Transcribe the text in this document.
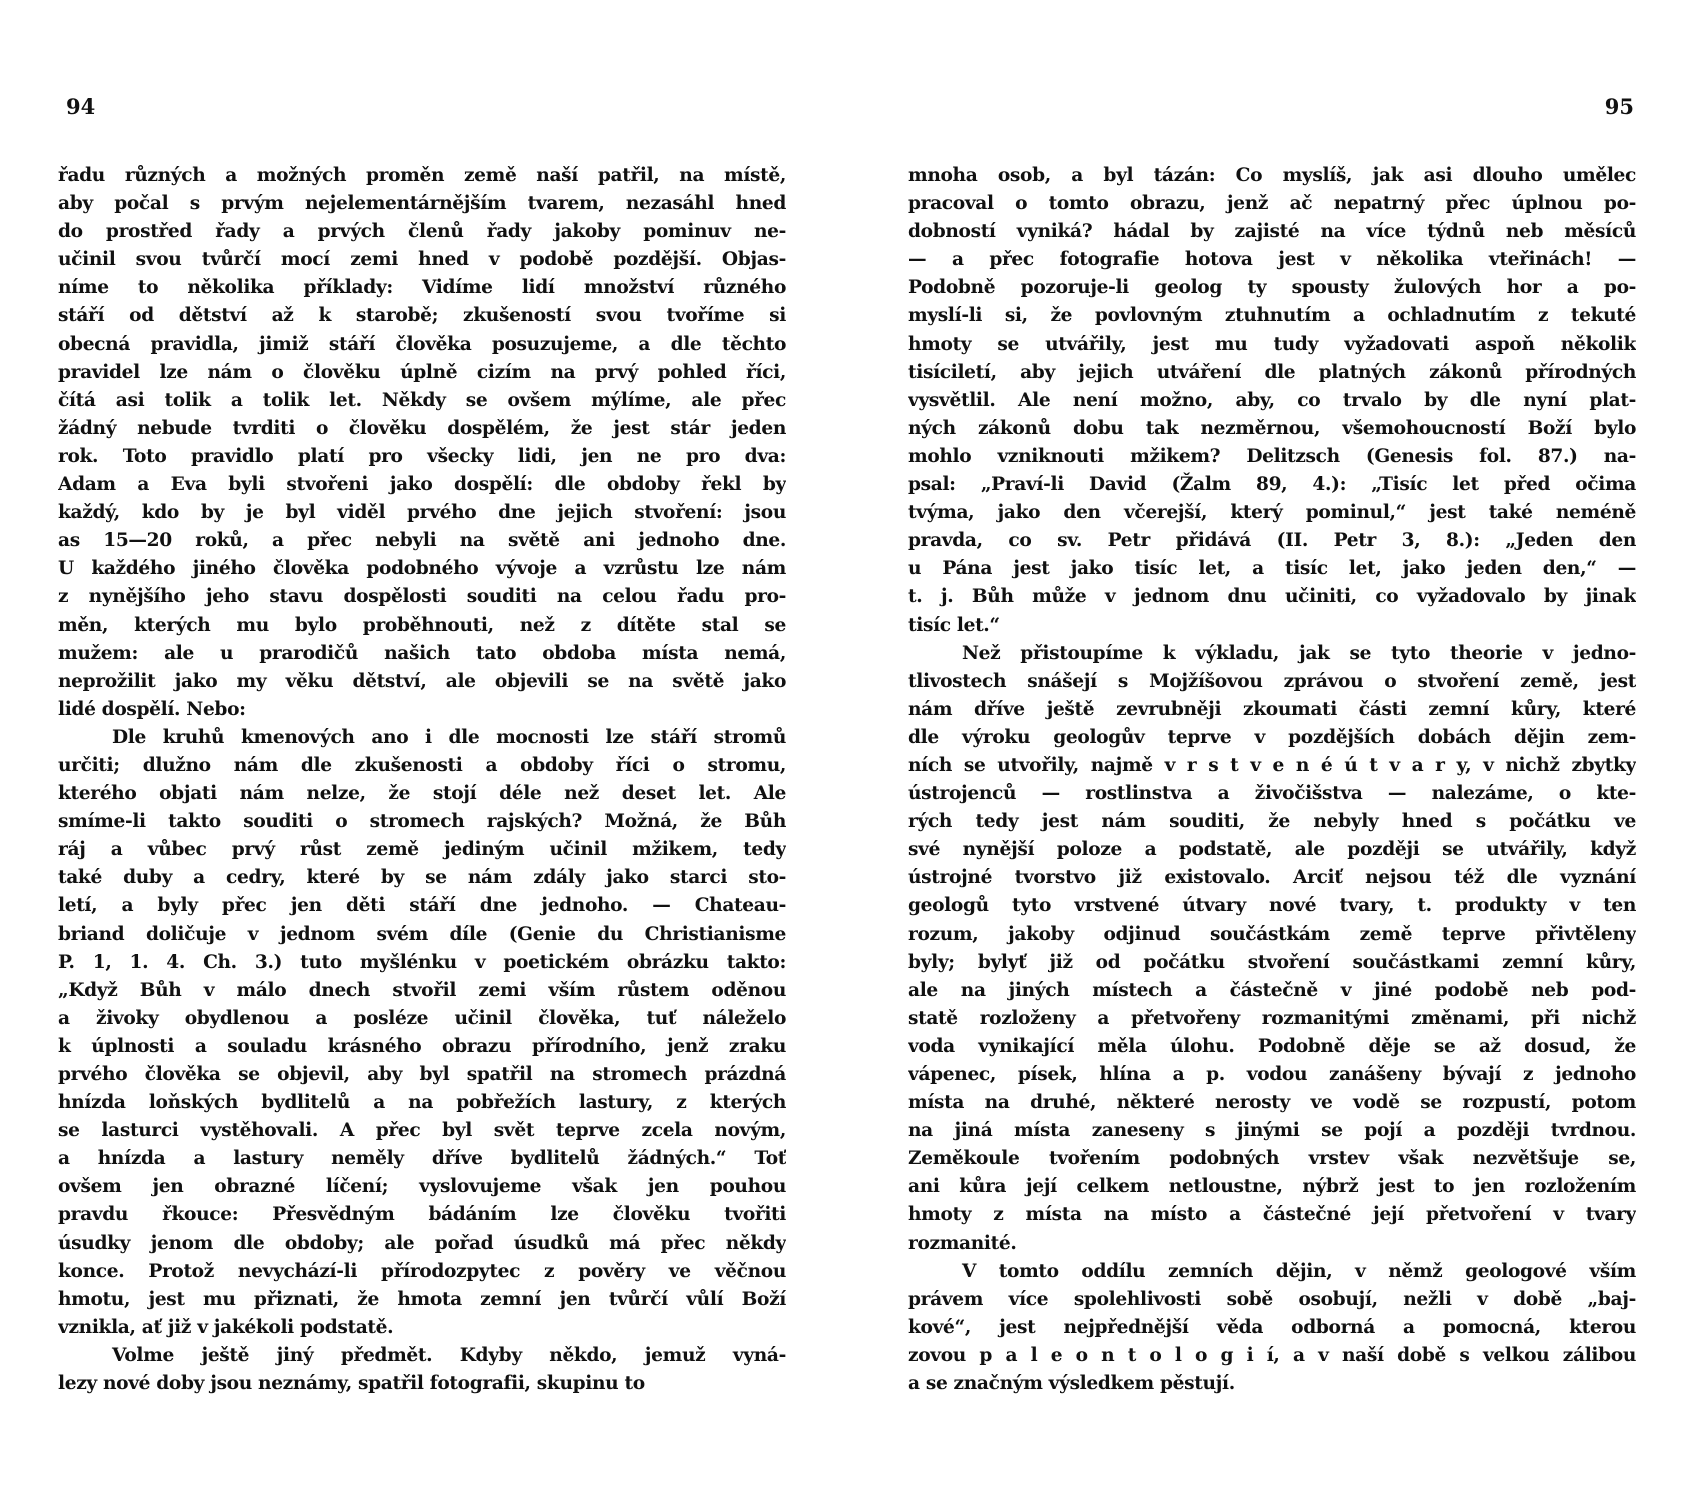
94
řadu různých a možných proměn země naší patřil, na místě,
aby počal s prvým nejelementárnějším tvarem, nezasáhl hned
do prostřed řady a prvých členů řady jakoby pominuv ne-
učinil svou tvůrčí mocí zemi hned v podobě pozdější. Objas-
níme to několika příklady: Vidíme lidí množství různého
stáří od dětství až k starobě; zkušeností svou tvoříme si
obecná pravidla, jimiž stáří člověka posuzujeme, a dle těchto
pravidel lze nám o člověku úplně cizím na prvý pohled říci,
čítá asi tolik a tolik let. Někdy se ovšem mýlíme, ale přec
žádný nebude tvrditi o člověku dospělém, že jest stár jeden
rok. Toto pravidlo platí pro všecky lidi, jen ne pro dva:
Adam a Eva byli stvořeni jako dospělí: dle obdoby řekl by
každý, kdo by je byl viděl prvého dne jejich stvoření: jsou
as 15—20 roků, a přec nebyli na světě ani jednoho dne.
U každého jiného člověka podobného vývoje a vzrůstu lze nám
z nynějšího jeho stavu dospělosti souditi na celou řadu pro-
měn, kterých mu bylo proběhnouti, než z dítěte stal se
mužem: ale u prarodičů našich tato obdoba místa nemá,
neprožilit jako my věku dětství, ale objevili se na světě jako
lidé dospělí. Nebo:
Dle kruhů kmenových ano i dle mocnosti lze stáří stromů
určiti; dlužno nám dle zkušenosti a obdoby říci o stromu,
kterého objati nám nelze, že stojí déle než deset let. Ale
smíme-li takto souditi o stromech rajských? Možná, že Bůh
ráj a vůbec prvý růst země jediným učinil mžikem, tedy
také duby a cedry, které by se nám zdály jako starci sto-
letí, a byly přec jen děti stáří dne jednoho. — Chateau-
briand doličuje v jednom svém díle (Genie du Christianisme
P. 1, 1. 4. Ch. 3.) tuto myšlénku v poetickém obrázku takto:
„Když Bůh v málo dnech stvořil zemi vším růstem oděnou
a živoky obydlenou a posléze učinil člověka, tuť náleželo
k úplnosti a souladu krásného obrazu přírodního, jenž zraku
prvého člověka se objevil, aby byl spatřil na stromech prázdná
hnízda loňských bydlitelů a na pobřežích lastury, z kterých
se lasturci vystěhovali. A přec byl svět teprve zcela novým,
a hnízda a lastury neměly dříve bydlitelů žádných.“ Toť
ovšem jen obrazné líčení; vyslovujeme však jen pouhou
pravdu řkouce: Přesvědným bádáním lze člověku tvořiti
úsudky jenom dle obdoby; ale pořad úsudků má přec někdy
konce. Protož nevychází-li přírodozpytec z pověry ve věčnou
hmotu, jest mu přiznati, že hmota zemní jen tvůrčí vůlí Boží
vznikla, ať již v jakékoli podstatě.
Volme ještě jiný předmět. Kdyby někdo, jemuž vyná-
lezy nové doby jsou neznámy, spatřil fotografii, skupinu to
95
mnoha osob, a byl tázán: Co myslíš, jak asi dlouho umělec
pracoval o tomto obrazu, jenž ač nepatrný přec úplnou po-
dobností vyniká? hádal by zajisté na více týdnů neb měsíců
— a přec fotografie hotova jest v několika vteřinách! —
Podobně pozoruje-li geolog ty spousty žulových hor a po-
myslí-li si, že povlovným ztuhnutím a ochladnutím z tekuté
hmoty se utvářily, jest mu tudy vyžadovati aspoň několik
tisíciletí, aby jejich utváření dle platných zákonů přírodných
vysvětlil. Ale není možno, aby, co trvalo by dle nyní plat-
ných zákonů dobu tak nezměrnou, všemohoucností Boží bylo
mohlo vzniknouti mžikem? Delitzsch (Genesis fol. 87.) na-
psal: „Praví-li David (Žalm 89, 4.): „Tisíc let před očima
tvýma, jako den včerejší, který pominul,“ jest také neméně
pravda, co sv. Petr přidává (II. Petr 3, 8.): „Jeden den
u Pána jest jako tisíc let, a tisíc let, jako jeden den,“ —
t. j. Bůh může v jednom dnu učiniti, co vyžadovalo by jinak
tisíc let.“
Než přistoupíme k výkladu, jak se tyto theorie v jedno-
tlivostech snášejí s Mojžíšovou zprávou o stvoření země, jest
nám dříve ještě zevrubněji zkoumati části zemní kůry, které
dle výroku geologův teprve v pozdějších dobách dějin zem-
ních se utvořily, najmě v r s t v e n é ú t v a r y, v nichž zbytky
ústrojenců — rostlinstva a živočišstva — nalezáme, o kte-
rých tedy jest nám souditi, že nebyly hned s počátku ve
své nynější poloze a podstatě, ale později se utvářily, když
ústrojné tvorstvo již existovalo. Arciť nejsou též dle vyznání
geologů tyto vrstvené útvary nové tvary, t. produkty v ten
rozum, jakoby odjinud součástkám země teprve přivtěleny
byly; bylyť již od počátku stvoření součástkami zemní kůry,
ale na jiných místech a částečně v jiné podobě neb pod-
statě rozloženy a přetvořeny rozmanitými změnami, při nichž
voda vynikající měla úlohu. Podobně děje se až dosud, že
vápenec, písek, hlína a p. vodou zanášeny bývají z jednoho
místa na druhé, některé nerosty ve vodě se rozpustí, potom
na jiná místa zaneseny s jinými se pojí a později tvrdnou.
Zeměkoule tvořením podobných vrstev však nezvětšuje se,
ani kůra její celkem netloustne, nýbrž jest to jen rozložením
hmoty z místa na místo a částečné její přetvoření v tvary
rozmanité.
V tomto oddílu zemních dějin, v němž geologové vším
právem více spolehlivosti sobě osobují, nežli v době „baj-
kové“, jest nejpřednější věda odborná a pomocná, kterou
zovou p a l e o n t o l o g i í, a v naší době s velkou zálibou
a se značným výsledkem pěstují.
